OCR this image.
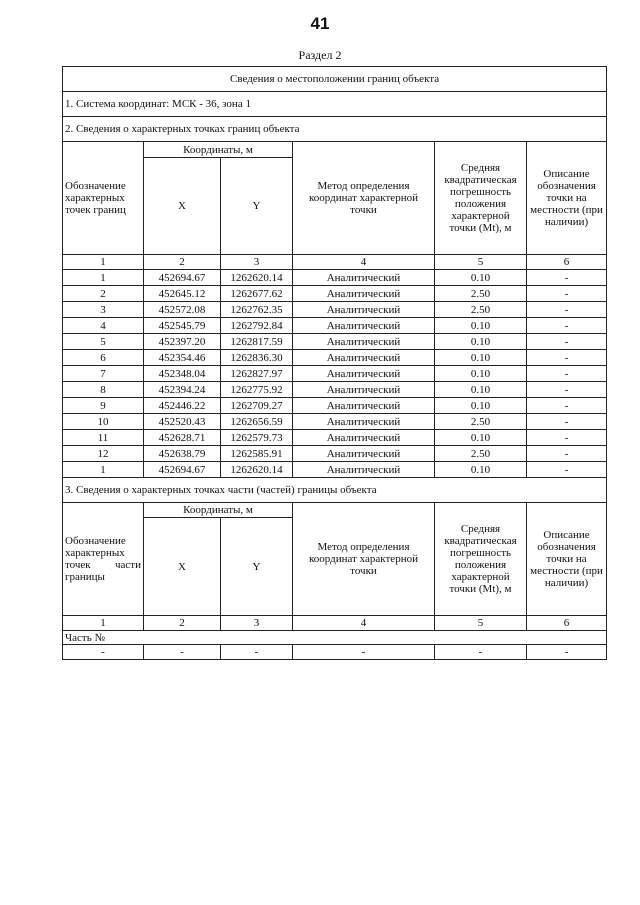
41
Раздел 2
Сведения о местоположении границ объекта					
1. Система координат: МСК - 36, зона 1					
2. Сведения о характерных точках границ объекта					
Обозначение характерных точек границ	Координаты, м		Метод определения координат характерной точки	Средняя квадратическая погрешность положения характерной точки (Mt), м	Описание обозначения точки на местности (при наличии)
	X	Y			
1	2	3	4	5	6
1	452694.67	1262620.14	Аналитический	0.10	-
2	452645.12	1262677.62	Аналитический	2.50	-
3	452572.08	1262762.35	Аналитический	2.50	-
4	452545.79	1262792.84	Аналитический	0.10	-
5	452397.20	1262817.59	Аналитический	0.10	-
6	452354.46	1262836.30	Аналитический	0.10	-
7	452348.04	1262827.97	Аналитический	0.10	-
8	452394.24	1262775.92	Аналитический	0.10	-
9	452446.22	1262709.27	Аналитический	0.10	-
10	452520.43	1262656.59	Аналитический	2.50	-
11	452628.71	1262579.73	Аналитический	0.10	-
12	452638.79	1262585.91	Аналитический	2.50	-
1	452694.67	1262620.14	Аналитический	0.10	-
3. Сведения о характерных точках части (частей) границы объекта					

Обозначение характерных точек части границы	Координаты, м		Метод определения координат характерной точки	Средняя квадратическая погрешность положения характерной точки (Mt), м	Описание обозначения точки на местности (при наличии)
	X	Y			
1	2	3	4	5	6
Часть №					
-	-	-	-	-	-
